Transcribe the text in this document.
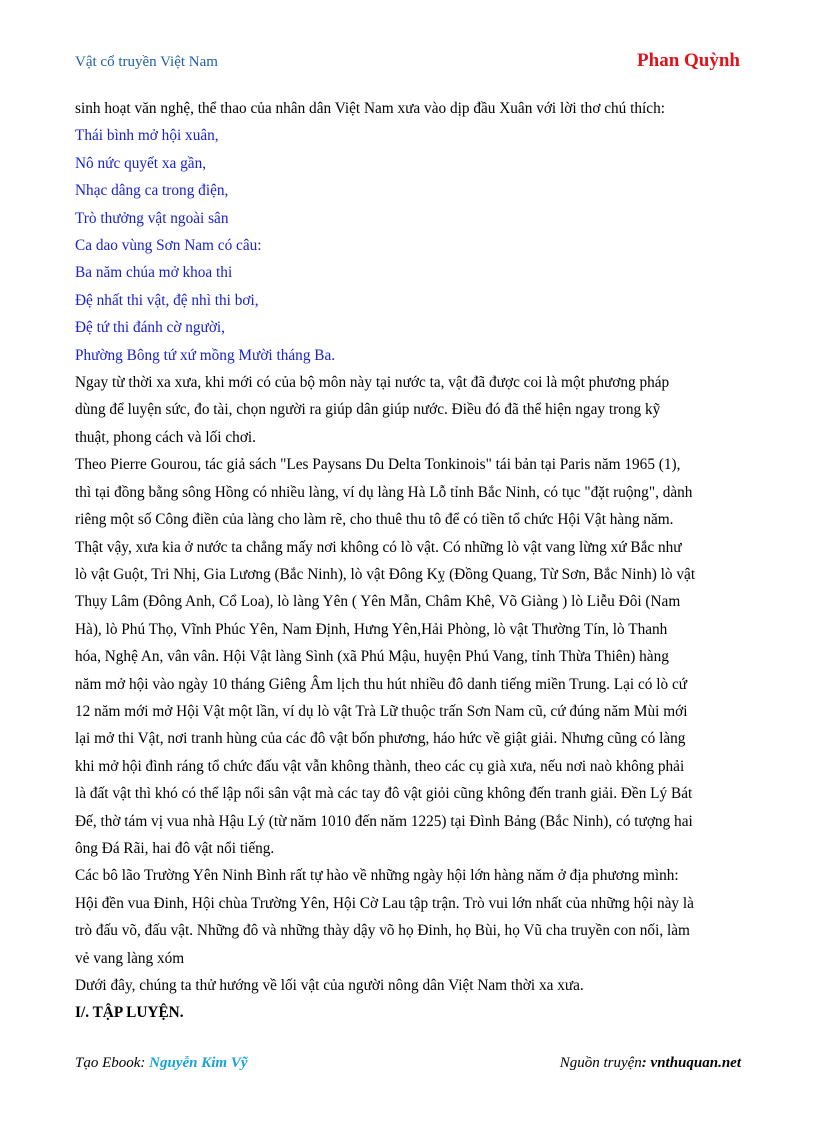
Vật cổ truyền Việt Nam	Phan Quỳnh

sinh hoạt văn nghệ, thể thao của nhân dân Việt Nam xưa vào dịp đầu Xuân với lời thơ chú thích:

Thái bình mở hội xuân,

Nô nức quyết xa gần,

Nhạc dâng ca trong điện,

Trò thưởng vật ngoài sân

Ca dao vùng Sơn Nam có câu:

Ba năm chúa mở khoa thi

Đệ nhất thi vật, đệ nhì thi bơi,

Đệ tứ thi đánh cờ người,

Phường Bông tứ xứ mồng Mười tháng Ba.

Ngay từ thời xa xưa, khi mới có của bộ môn này tại nước ta, vật đã được coi là một phương pháp

dùng để luyện sức, đo tài, chọn người ra giúp dân giúp nước. Điều đó đã thể hiện ngay trong kỹ

thuật, phong cách và lối chơi.

Theo Pierre Gourou, tác giả sách "Les Paysans Du Delta Tonkinois" tái bản tại Paris năm 1965 (1),

thì tại đồng bằng sông Hồng có nhiều làng, ví dụ làng Hà Lỗ tỉnh Bắc Ninh, có tục "đặt ruộng", dành

riêng một số Công điền của làng cho làm rẽ, cho thuê thu tô để có tiền tổ chức Hội Vật hàng năm.

Thật vậy, xưa kia ở nước ta chẳng mấy nơi không có lò vật. Có những lò vật vang lừng xứ Bắc như

lò vật Guột, Tri Nhị, Gia Lương (Bắc Ninh), lò vật Đông Kỵ (Đồng Quang, Từ Sơn, Bắc Ninh) lò vật

Thụy Lâm (Đông Anh, Cổ Loa), lò làng Yên ( Yên Mẫn, Châm Khê, Võ Giàng ) lò Liễu Đôi (Nam

Hà), lò Phú Thọ, Vĩnh Phúc Yên, Nam Định, Hưng Yên,Hải Phòng, lò vật Thường Tín, lò Thanh

hóa, Nghệ An, vân vân. Hội Vật làng Sình (xã Phú Mậu, huyện Phú Vang, tỉnh Thừa Thiên) hàng

năm mở hội vào ngày 10 tháng Giêng Âm lịch thu hút nhiều đô danh tiếng miền Trung. Lại có lò cứ

12 năm mới mở Hội Vật một lần, ví dụ lò vật Trà Lữ thuộc trấn Sơn Nam cũ, cứ đúng năm Mùi mới

lại mở thi Vật, nơi tranh hùng của các đô vật bốn phương, háo hức về giật giải. Nhưng cũng có làng

khi mở hội đình ráng tổ chức đấu vật vẫn không thành, theo các cụ già xưa, nếu nơi naò không phải

là đất vật thì khó có thể lập nổi sân vật mà các tay đô vật giỏi cũng không đến tranh giải. Đền Lý Bát

Đế, thờ tám vị vua nhà Hậu Lý (từ năm 1010 đến năm 1225) tại Đình Bảng (Bắc Ninh), có tượng hai

ông Đá Rãi, hai đô vật nổi tiếng.

Các bô lão Trường Yên Ninh Bình rất tự hào về những ngày hội lớn hàng năm ở địa phương mình:

Hội đền vua Đinh, Hội chùa Trường Yên, Hội Cờ Lau tập trận. Trò vui lớn nhất của những hội này là

trò đấu võ, đấu vật. Những đô và những thày dậy võ họ Đinh, họ Bùi, họ Vũ cha truyền con nối, làm

vẻ vang làng xóm

Dưới đây, chúng ta thử hướng về lối vật của người nông dân Việt Nam thời xa xưa.

I/. TẬP LUYỆN.

Tạo Ebook: Nguyễn Kim Vỹ	Nguồn truyện: vnthuquan.net
